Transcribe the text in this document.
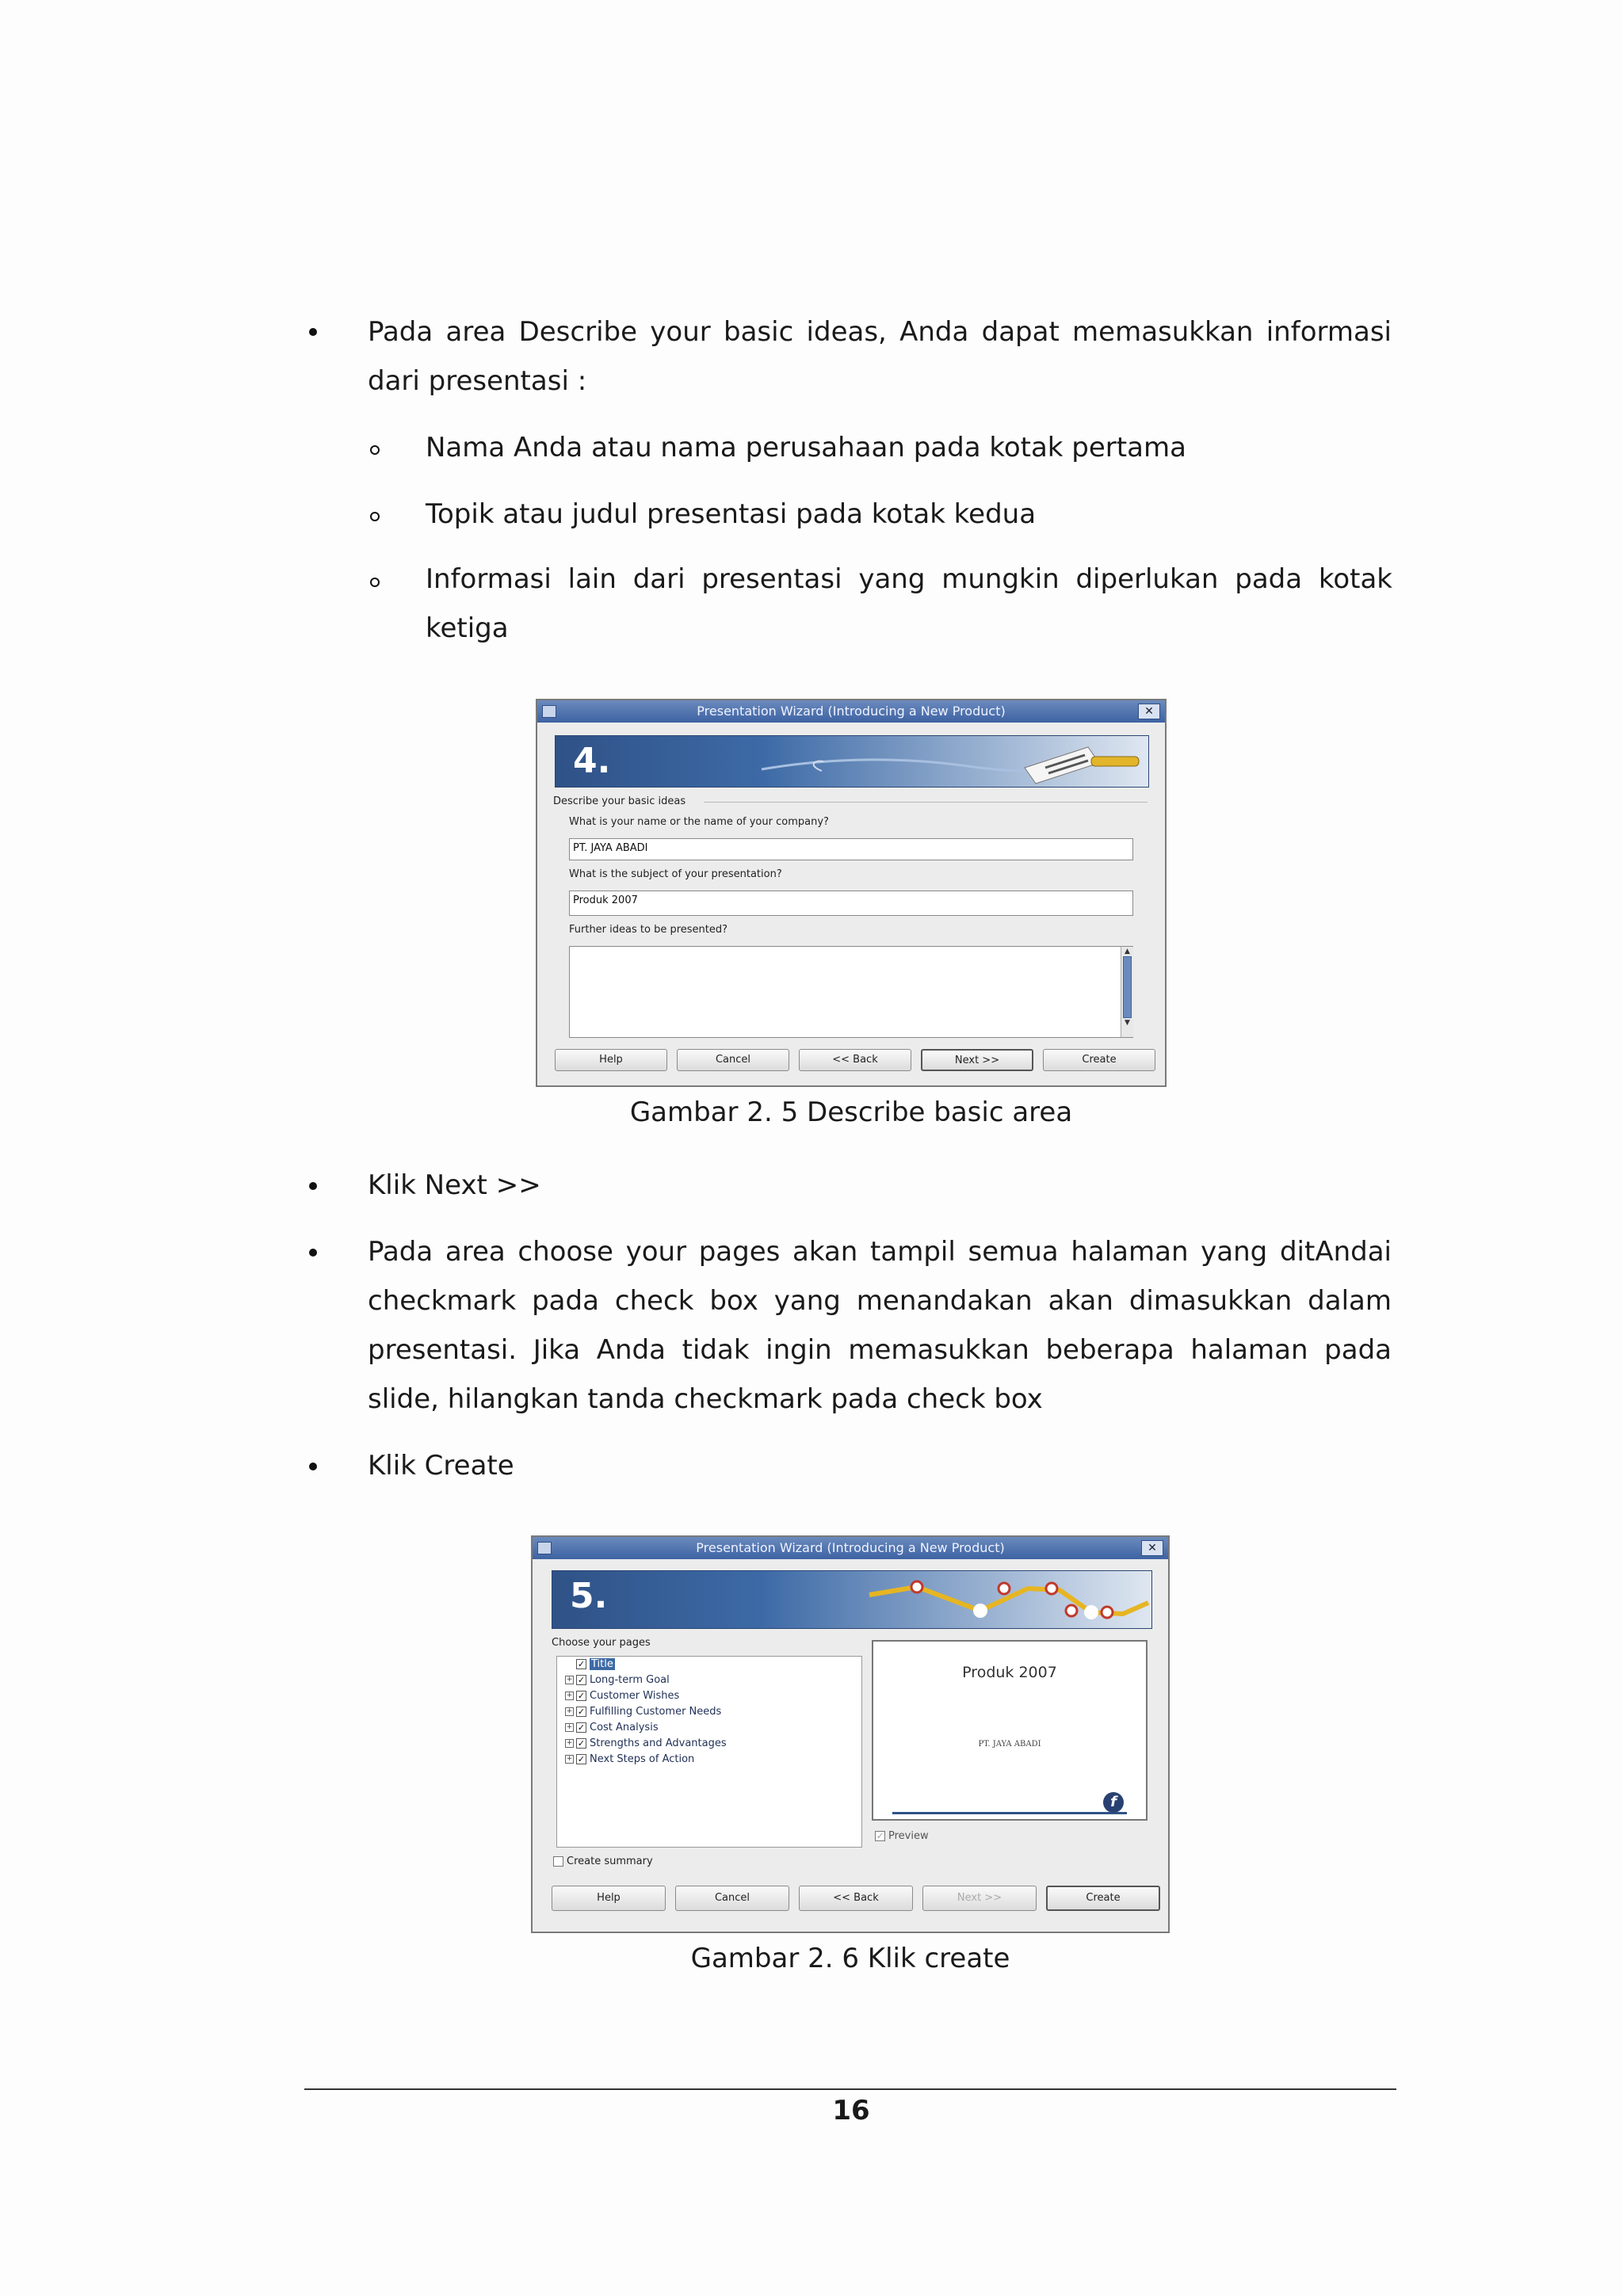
Pada area Describe your basic ideas, Anda dapat memasukkan informasi dari presentasi :
Nama Anda atau nama perusahaan pada kotak pertama
Topik atau judul presentasi pada kotak kedua
Informasi lain dari presentasi yang mungkin diperlukan pada kotak ketiga
Presentation Wizard (Introducing a New Product)	✕
4.
Describe your basic ideas
What is your name or the name of your company?
PT. JAYA ABADI
What is the subject of your presentation?
Produk 2007
Further ideas to be presented?
▲
▼
Help	Cancel	<< Back	Next >>	Create
Gambar 2. 5 Describe basic area
Klik Next >>
Pada area choose your pages akan tampil semua halaman yang ditAndai checkmark pada check box yang menandakan akan dimasukkan dalam presentasi. Jika Anda tidak ingin memasukkan beberapa halaman pada slide, hilangkan tanda checkmark pada check box
Klik Create
Presentation Wizard (Introducing a New Product)	✕
5.
Choose your pages
✓ Title
+ ✓ Long-term Goal
+ ✓ Customer Wishes
+ ✓ Fulfilling Customer Needs
+ ✓ Cost Analysis
+ ✓ Strengths and Advantages
+ ✓ Next Steps of Action
Produk 2007
PT. JAYA ABADI
f
✓ Preview
Create summary
Help	Cancel	<< Back	Next >>	Create
Gambar 2. 6 Klik create
16
